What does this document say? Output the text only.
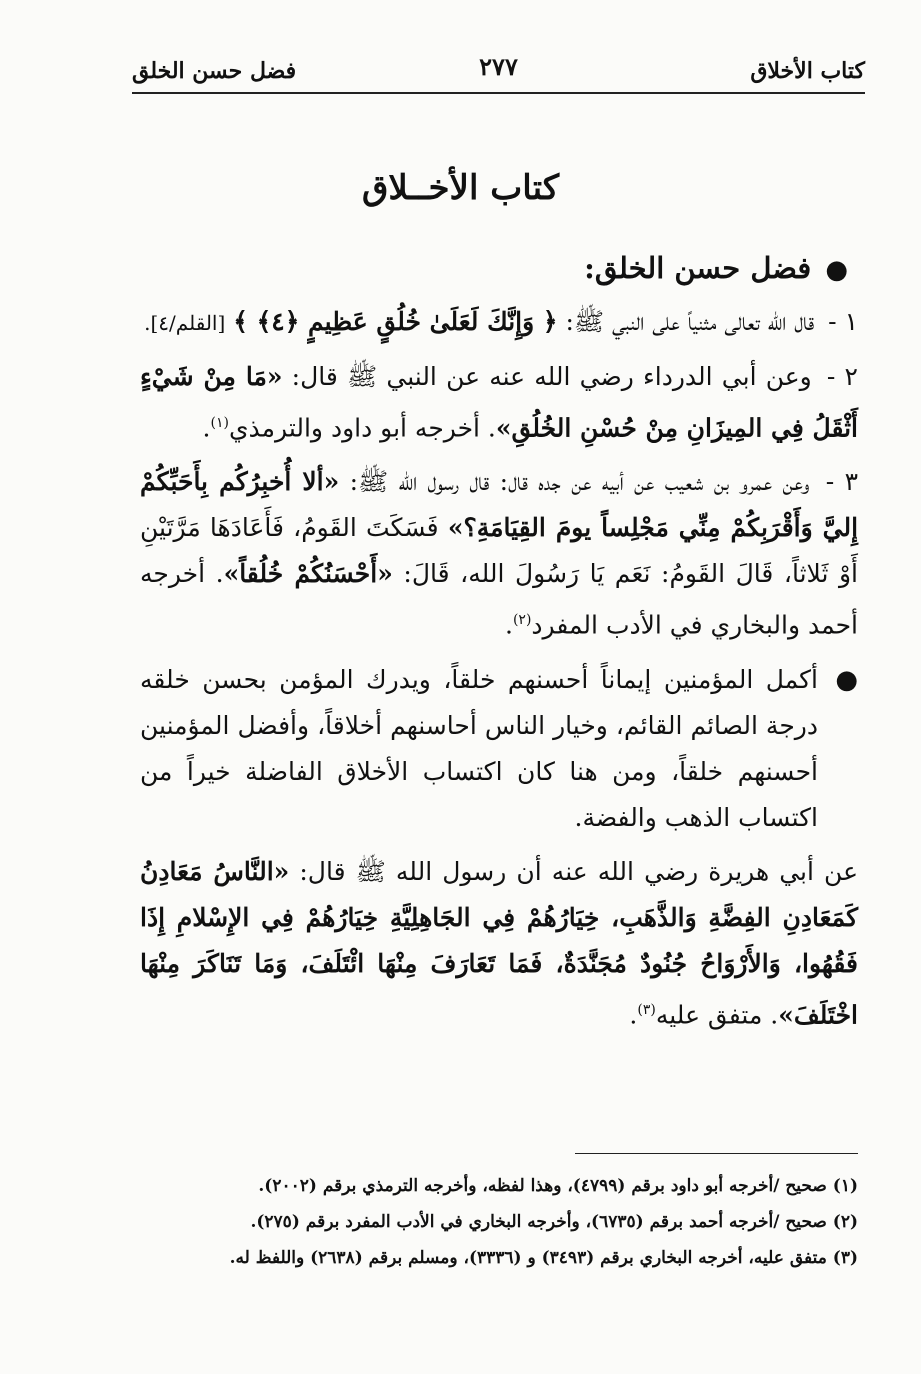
كتاب الأخلاق
٢٧٧
فضل حسن الخلق
كتاب الأخــلاق
●فضل حسن الخلق:

١ - قال الله تعالى مثنياً على النبي ﷺ: ﴿ وَإِنَّكَ لَعَلَىٰ خُلُقٍ عَظِيمٍ ﴿٤﴾ ﴾ [القلم/٤].

٢ - وعن أبي الدرداء رضي الله عنه عن النبي ﷺ قال: «مَا مِنْ شَيْءٍ أَثْقَلُ فِي المِيزَانِ مِنْ حُسْنِ الخُلُقِ». أخرجه أبو داود والترمذي$^{(١)}$.

٣ - وعن عمرو بن شعيب عن أبيه عن جده قال: قال رسول الله ﷺ: «ألا أُخبِرُكُم بِأَحَبِّكُمْ إِليَّ وَأَقْرَبِكُمْ مِنِّي مَجْلِساً يومَ القِيَامَةِ؟» فَسَكَتَ القَومُ، فَأَعَادَهَا مَرَّتَيْنِ أَوْ ثَلاثاً، قَالَ القَومُ: نَعَم يَا رَسُولَ الله، قَالَ: «أَحْسَنُكُمْ خُلُقاً». أخرجه أحمد والبخاري في الأدب المفرد$^{(٢)}$.

●
أكمل المؤمنين إيماناً أحسنهم خلقاً، ويدرك المؤمن بحسن خلقه درجة الصائم القائم، وخيار الناس أحاسنهم أخلاقاً، وأفضل المؤمنين أحسنهم خلقاً، ومن هنا كان اكتساب الأخلاق الفاضلة خيراً من اكتساب الذهب والفضة.

عن أبي هريرة رضي الله عنه أن رسول الله ﷺ قال: «النَّاسُ مَعَادِنُ كَمَعَادِنِ الفِضَّةِ وَالذَّهَبِ، خِيَارُهُمْ فِي الجَاهِلِيَّةِ خِيَارُهُمْ فِي الإِسْلامِ إِذَا فَقُهُوا، وَالأَرْوَاحُ جُنُودٌ مُجَنَّدَةٌ، فَمَا تَعَارَفَ مِنْهَا ائْتَلَفَ، وَمَا تَنَاكَرَ مِنْهَا اخْتَلَفَ». متفق عليه$^{(٣)}$.

(١) صحيح /أخرجه أبو داود برقم (٤٧٩٩)، وهذا لفظه، وأخرجه الترمذي برقم (٢٠٠٢).

(٢) صحيح /أخرجه أحمد برقم (٦٧٣٥)، وأخرجه البخاري في الأدب المفرد برقم (٢٧٥).

(٣) متفق عليه، أخرجه البخاري برقم (٣٤٩٣) و (٣٣٣٦)، ومسلم برقم (٢٦٣٨) واللفظ له.
